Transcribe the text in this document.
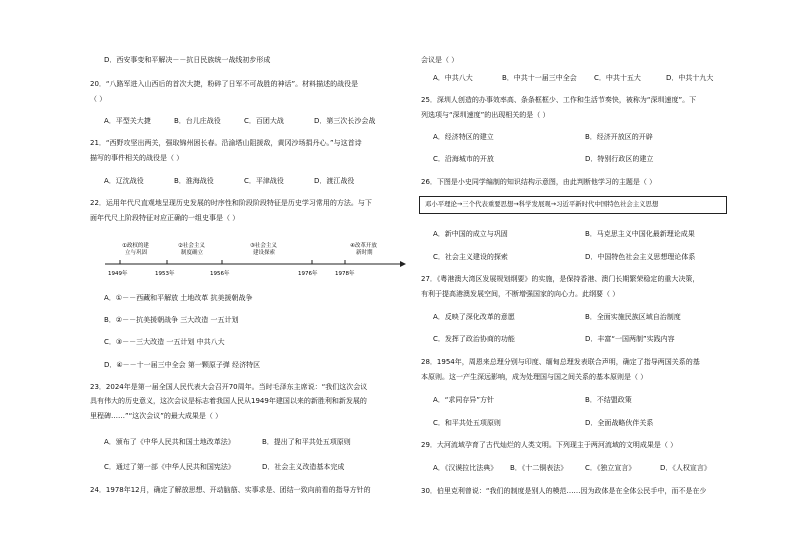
D．西安事变和平解决－－抗日民族统一战线初步形成
20．“八路军进入山西后的首次大捷，粉碎了日军不可战胜的神话”。材料描述的战役是
（ ）
A．平型关大捷	B．台儿庄战役	C．百团大战	D．第三次长沙会战
21．“西野攻坚出两关，强取锦州困长春。沿渝塔山阻援敌，黄冈沙场捐丹心。”与这首诗
描写的事件相关的战役是（ ）
A．辽沈战役	B．淮海战役	C．平津战役	D．渡江战役
22．运用年代尺直观地呈现历史发展的时序性和阶段阶段特征是历史学习常用的方法。与下
面年代尺上阶段特征对应正确的一组史事是（ ）
①政权的建
立与巩固
②社会主义
制度确立
③社会主义
建设探索
④改革开放
新时期
1949年	1953年	1956年	1976年	1978年
A．①－－西藏和平解放 土地改革 抗美援朝战争
B．②－－抗美援朝战争 三大改造 一五计划
C．③－－三大改造 一五计划 中共八大
D．④－－十一届三中全会 第一颗原子弹 经济特区
23．2024年是第一届全国人民代表大会召开70周年。当时毛泽东主席说：“我们这次会议
具有伟大的历史意义，这次会议是标志着我国人民从1949年建国以来的新胜利和新发展的
里程碑……”“这次会议”的最大成果是（ ）
A．颁布了《中华人民共和国土地改革法》	B．提出了和平共处五项原则
C．通过了第一部《中华人民共和国宪法》	D．社会主义改造基本完成
24．1978年12月，确定了解放思想、开动脑筋、实事求是、团结一致向前看的指导方针的
会议是（ ）
A．中共八大	B．中共十一届三中全会 C．中共十五大	D．中共十九大
25．深圳人创造的办事效率高、条条框框少、工作和生活节奏快，被称为“深圳速度”。下
列选项与“深圳速度”的出现相关的是（ ）
A．经济特区的建立	B．经济开放区的开辟
C．沿海城市的开放	D．特别行政区的建立
26．下图是小史同学编制的知识结构示意图，由此判断他学习的主题是（ ）
邓小平理论→三个代表重要思想→科学发展观→习近平新时代中国特色社会主义思想
A．新中国的成立与巩固	B．马克思主义中国化最新理论成果
C．社会主义建设的探索	D．中国特色社会主义思想理论体系
27．《粤港澳大湾区发展规划纲要》的实施，是保持香港、澳门长期繁荣稳定的重大决策，
有利于提高港澳发展空间，不断增强国家的向心力。此纲要（ ）
A．反映了深化改革的意愿	B．全面实施民族区域自治制度
C．发挥了政治协商的功能	D．丰富“一国两制”实践内容
28．1954年，周恩来总理分别与印度、缅甸总理发表联合声明，确定了指导两国关系的基
本原则。这一产生深远影响，成为处理国与国之间关系的基本原则是（ ）
A．“求同存异”方针	B．不结盟政策
C．和平共处五项原则	D．全面战略伙伴关系
29．大河流域孕育了古代灿烂的人类文明。下列现主于两河流域的文明成果是（ ）
A．《汉谟拉比法典》 B．《十二铜表法》	C．《独立宣言》	D．《人权宣言》
30．伯里克利曾说：“我们的制度是别人的模范……因为政体是在全体公民手中，而不是在少
